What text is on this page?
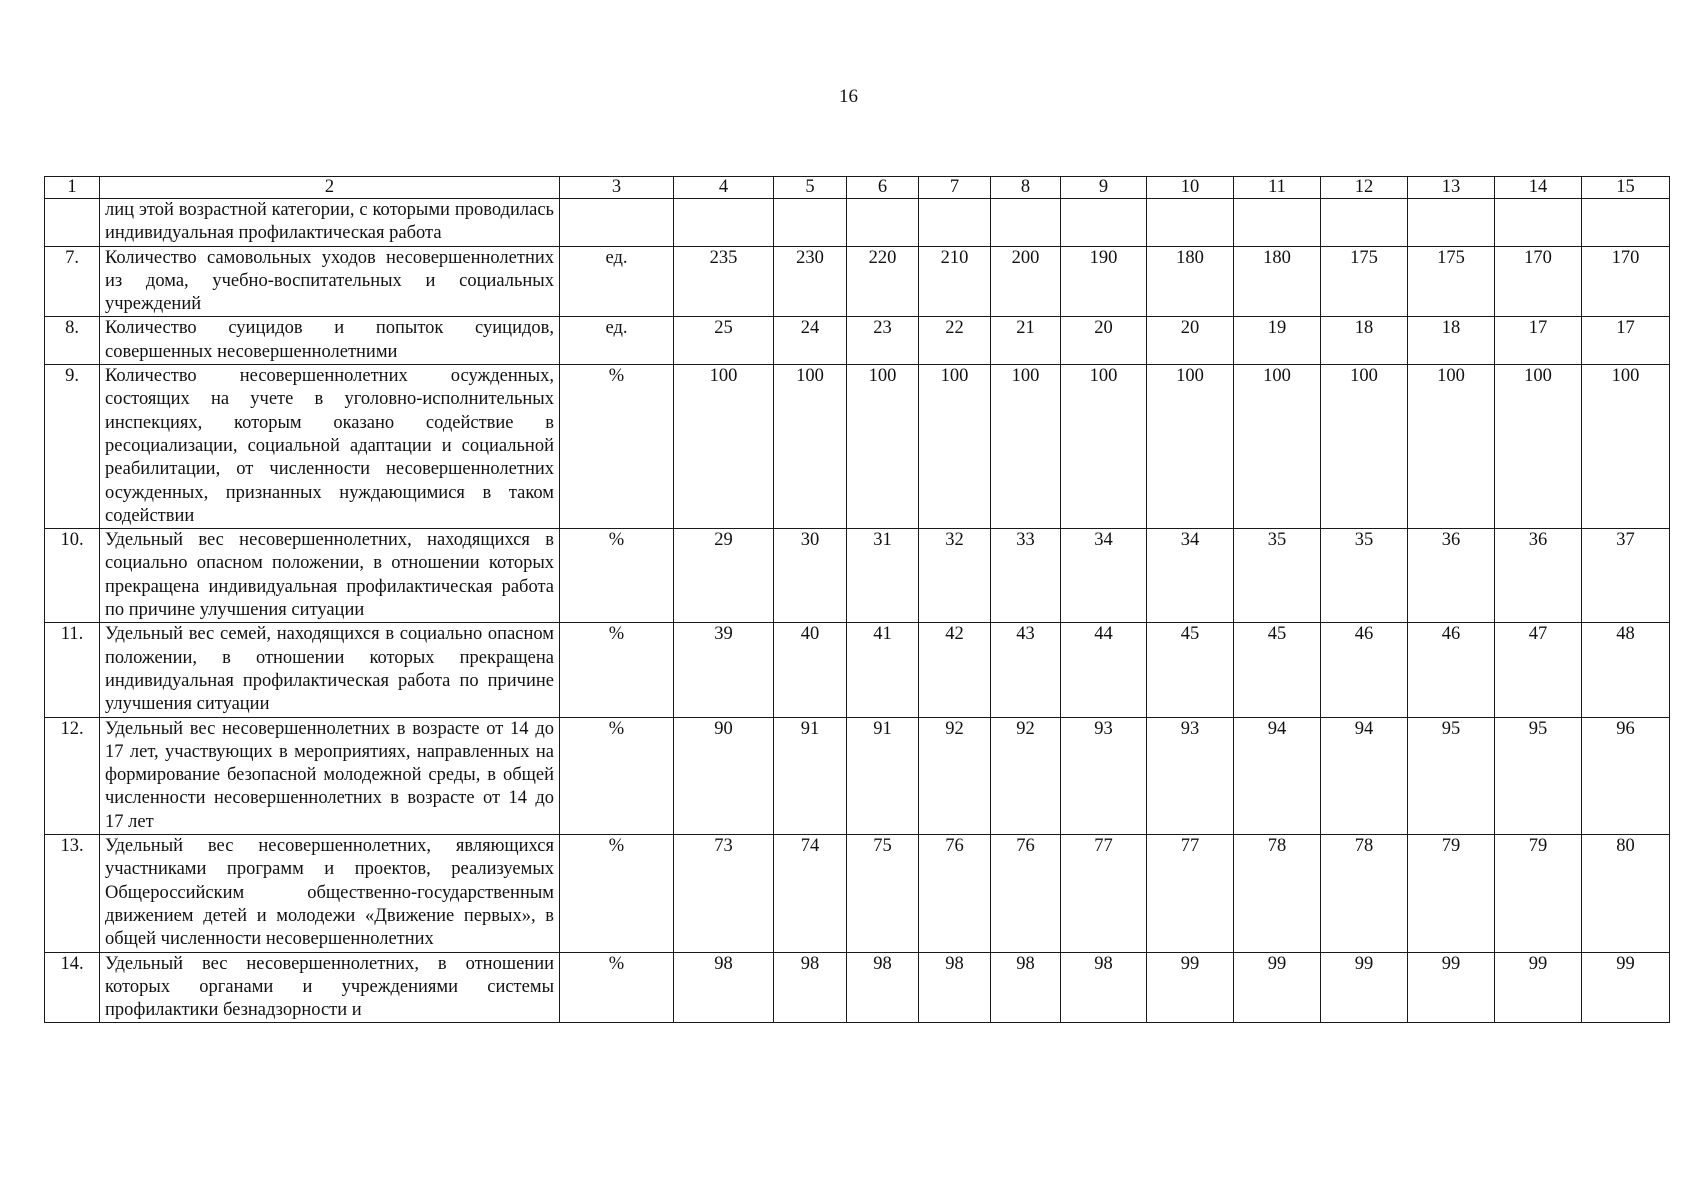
16
1	2	3	4	5	6	7	8	9	10	11	12	13	14	15
	лиц этой возрастной категории, с которыми проводилась индивидуальная профилактическая работа													
7.	Количество самовольных уходов несовершеннолетних из дома, учебно-воспитательных и социальных учреждений	ед.	235	230	220	210	200	190	180	180	175	175	170	170
8.	Количество суицидов и попыток суицидов, совершенных несовершеннолетними	ед.	25	24	23	22	21	20	20	19	18	18	17	17
9.	Количество несовершеннолетних осужденных, состоящих на учете в уголовно-исполнительных инспекциях, которым оказано содействие в ресоциализации, социальной адаптации и социальной реабилитации, от численности несовершеннолетних осужденных, признанных нуждающимися в таком содействии	%	100	100	100	100	100	100	100	100	100	100	100	100
10.	Удельный вес несовершеннолетних, находящихся в социально опасном положении, в отношении которых прекращена индивидуальная профилактическая работа по причине улучшения ситуации	%	29	30	31	32	33	34	34	35	35	36	36	37
11.	Удельный вес семей, находящихся в социально опасном положении, в отношении которых прекращена индивидуальная профилактическая работа по причине улучшения ситуации	%	39	40	41	42	43	44	45	45	46	46	47	48
12.	Удельный вес несовершеннолетних в возрасте от 14 до 17 лет, участвующих в мероприятиях, направленных на формирование безопасной молодежной среды, в общей численности несовершеннолетних в возрасте от 14 до 17 лет	%	90	91	91	92	92	93	93	94	94	95	95	96
13.	Удельный вес несовершеннолетних, являющихся участниками программ и проектов, реализуемых Общероссийским общественно-государственным движением детей и молодежи «Движение первых», в общей численности несовершеннолетних	%	73	74	75	76	76	77	77	78	78	79	79	80
14.	Удельный вес несовершеннолетних, в отношении которых органами и учреждениями системы профилактики безнадзорности и	%	98	98	98	98	98	98	99	99	99	99	99	99
